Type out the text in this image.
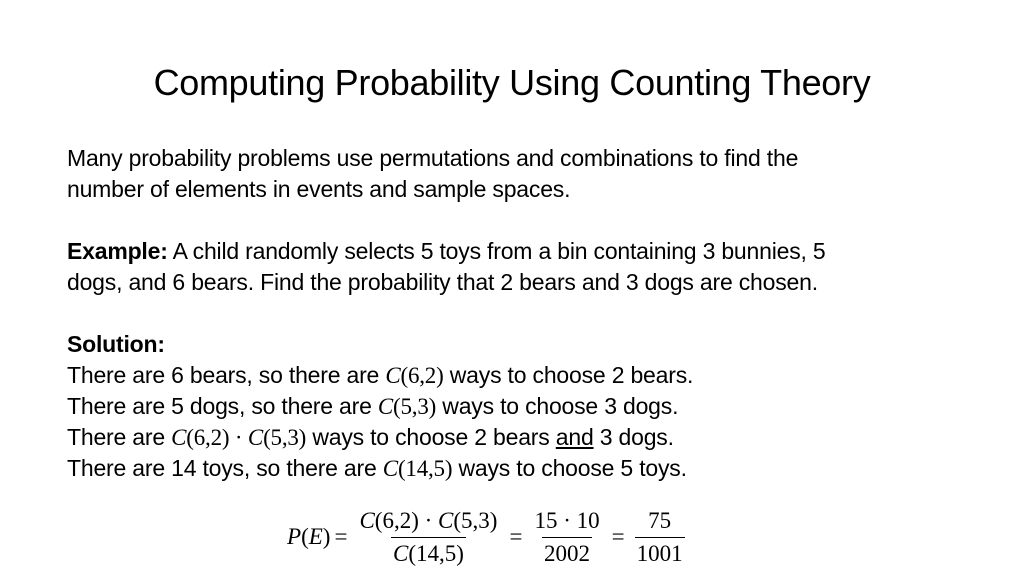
Computing Probability Using Counting Theory

Many probability problems use permutations and combinations to find the

number of elements in events and sample spaces.

Example: A child randomly selects 5 toys from a bin containing 3 bunnies, 5

dogs, and 6 bears. Find the probability that 2 bears and 3 dogs are chosen.

Solution:

There are 6 bears, so there are C(6,2) ways to choose 2 bears.

There are 5 dogs, so there are C(5,3) ways to choose 3 dogs.

There are C(6,2) · C(5,3) ways to choose 2 bears and 3 dogs.

There are 14 toys, so there are C(14,5) ways to choose 5 toys.

$P(E) = \frac{C(6,2) \cdot C(5,3)}{C(14,5)} = \frac{15 \cdot 10}{2002} = \frac{75}{1001}$
